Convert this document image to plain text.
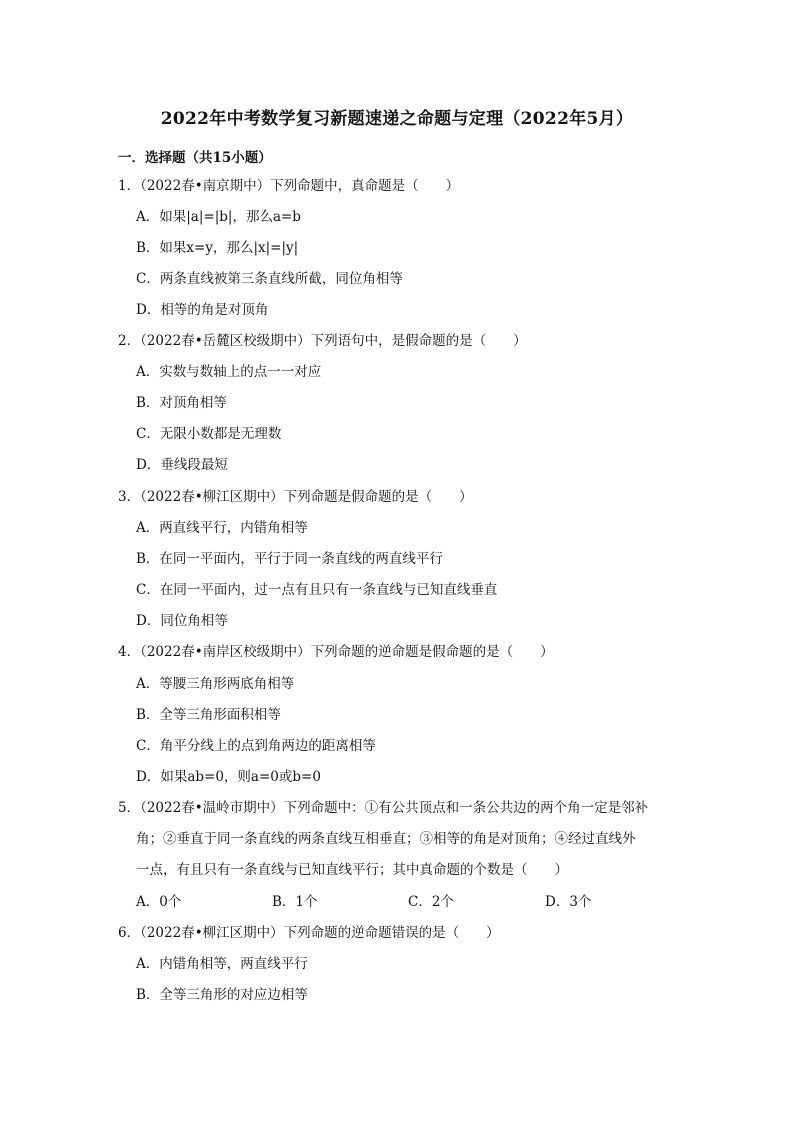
2022年中考数学复习新题速递之命题与定理（2022年5月）
一．选择题（共15小题）
1．（2022春•南京期中）下列命题中，真命题是（　　）
A．如果|a|=|b|，那么a=b
B．如果x=y，那么|x|=|y|
C．两条直线被第三条直线所截，同位角相等
D．相等的角是对顶角
2．（2022春•岳麓区校级期中）下列语句中，是假命题的是（　　）
A．实数与数轴上的点一一对应
B．对顶角相等
C．无限小数都是无理数
D．垂线段最短
3．（2022春•柳江区期中）下列命题是假命题的是（　　）
A．两直线平行，内错角相等
B．在同一平面内，平行于同一条直线的两直线平行
C．在同一平面内，过一点有且只有一条直线与已知直线垂直
D．同位角相等
4．（2022春•南岸区校级期中）下列命题的逆命题是假命题的是（　　）
A．等腰三角形两底角相等
B．全等三角形面积相等
C．角平分线上的点到角两边的距离相等
D．如果ab=0，则a=0或b=0
5．（2022春•温岭市期中）下列命题中：①有公共顶点和一条公共边的两个角一定是邻补
角；②垂直于同一条直线的两条直线互相垂直；③相等的角是对顶角；④经过直线外
一点，有且只有一条直线与已知直线平行；其中真命题的个数是（　　）
A．0个	B．1个	C．2个	D．3个
6．（2022春•柳江区期中）下列命题的逆命题错误的是（　　）
A．内错角相等，两直线平行
B．全等三角形的对应边相等
